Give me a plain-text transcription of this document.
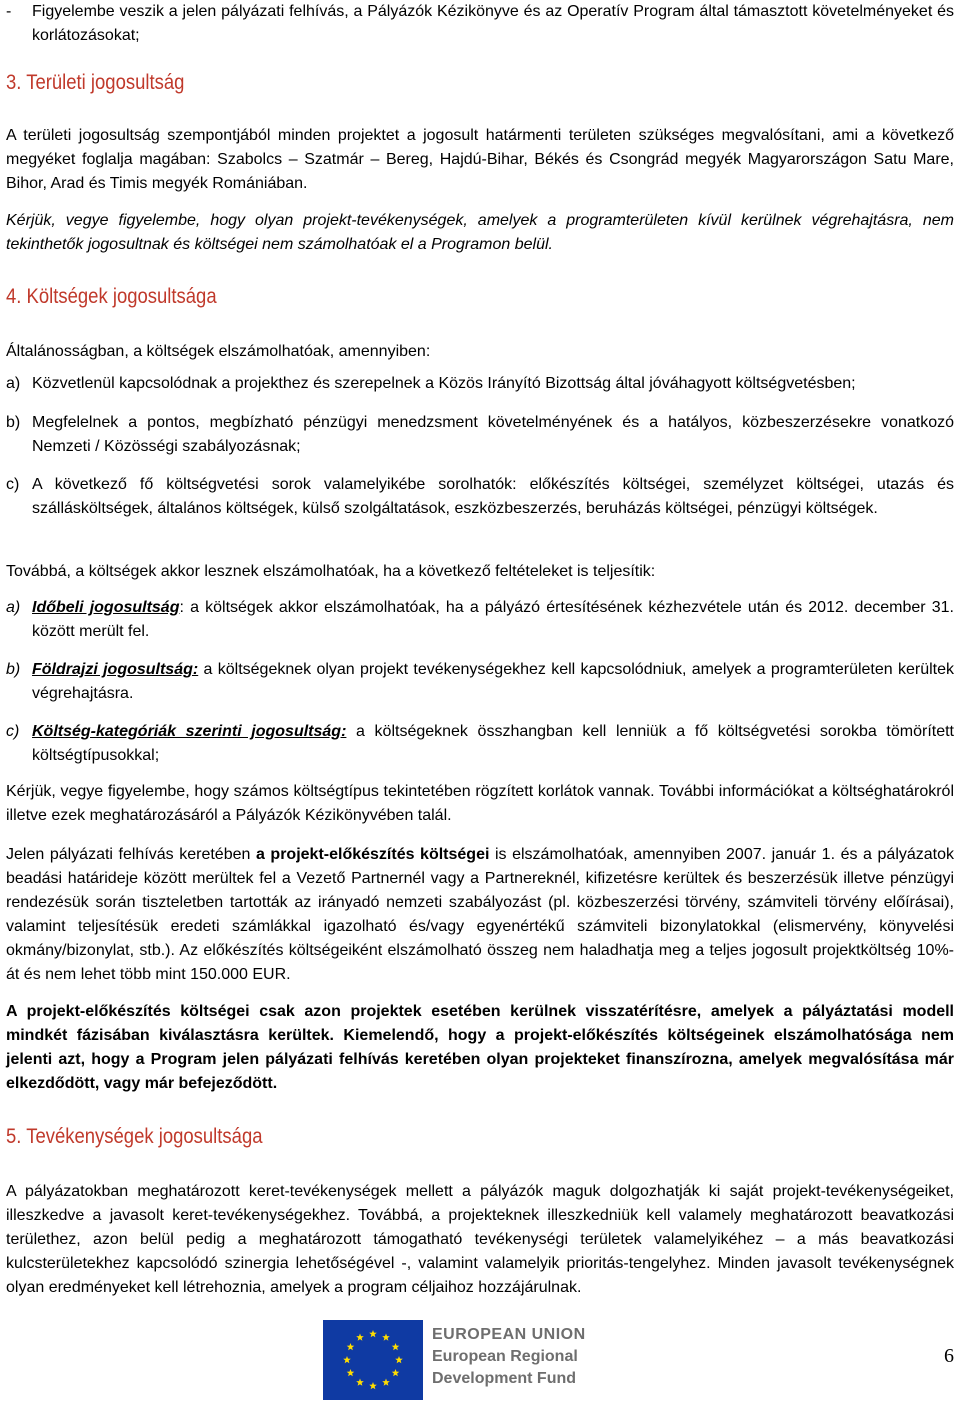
- Figyelembe veszik a jelen pályázati felhívás, a Pályázók Kézikönyve és az Operatív Program által támasztott követelményeket és korlátozásokat;
3. Területi jogosultság

A területi jogosultság szempontjából minden projektet a jogosult határmenti területen szükséges megvalósítani, ami a következő megyéket foglalja magában: Szabolcs – Szatmár – Bereg, Hajdú-Bihar, Békés és Csongrád megyék Magyarországon Satu Mare, Bihor, Arad és Timis megyék Romániában.

Kérjük, vegye figyelembe, hogy olyan projekt-tevékenységek, amelyek a programterületen kívül kerülnek végrehajtásra, nem tekinthetők jogosultnak és költségei nem számolhatóak el a Programon belül.

4. Költségek jogosultsága

Általánosságban, a költségek elszámolhatóak, amennyiben:

a) Közvetlenül kapcsolódnak a projekthez és szerepelnek a Közös Irányító Bizottság által jóváhagyott költségvetésben;
b) Megfelelnek a pontos, megbízható pénzügyi menedzsment követelményének és a hatályos, közbeszerzésekre vonatkozó Nemzeti / Közösségi szabályozásnak;
c) A következő fő költségvetési sorok valamelyikébe sorolhatók: előkészítés költségei, személyzet költségei, utazás és szállásköltségek, általános költségek, külső szolgáltatások, eszközbeszerzés, beruházás költségei, pénzügyi költségek.

Továbbá, a költségek akkor lesznek elszámolhatóak, ha a következő feltételeket is teljesítik:

a) Időbeli jogosultság: a költségek akkor elszámolhatóak, ha a pályázó értesítésének kézhezvétele után és 2012. december 31. között merült fel.
b) Földrajzi jogosultság: a költségeknek olyan projekt tevékenységekhez kell kapcsolódniuk, amelyek a programterületen kerültek végrehajtásra.
c) Költség-kategóriák szerinti jogosultság: a költségeknek összhangban kell lenniük a fő költségvetési sorokba tömörített költségtípusokkal;

Kérjük, vegye figyelembe, hogy számos költségtípus tekintetében rögzített korlátok vannak. További információkat a költséghatárokról illetve ezek meghatározásáról a Pályázók Kézikönyvében talál.

Jelen pályázati felhívás keretében a projekt-előkészítés költségei is elszámolhatóak, amennyiben 2007. január 1. és a pályázatok beadási határideje között merültek fel a Vezető Partnernél vagy a Partnereknél, kifizetésre kerültek és beszerzésük illetve pénzügyi rendezésük során tiszteletben tartották az irányadó nemzeti szabályozást (pl. közbeszerzési törvény, számviteli törvény előírásai), valamint teljesítésük eredeti számlákkal igazolható és/vagy egyenértékű számviteli bizonylatokkal (elismervény, könyvelési okmány/bizonylat, stb.). Az előkészítés költségeiként elszámolható összeg nem haladhatja meg a teljes jogosult projektköltség 10%-át és nem lehet több mint 150.000 EUR.

A projekt-előkészítés költségei csak azon projektek esetében kerülnek visszatérítésre, amelyek a pályáztatási modell mindkét fázisában kiválasztásra kerültek. Kiemelendő, hogy a projekt-előkészítés költségeinek elszámolhatósága nem jelenti azt, hogy a Program jelen pályázati felhívás keretében olyan projekteket finanszírozna, amelyek megvalósítása már elkezdődött, vagy már befejeződött.

5. Tevékenységek jogosultsága

A pályázatokban meghatározott keret-tevékenységek mellett a pályázók maguk dolgozhatják ki saját projekt-tevékenységeiket, illeszkedve a javasolt keret-tevékenységekhez. Továbbá, a projekteknek illeszkedniük kell valamely meghatározott beavatkozási területhez, azon belül pedig a meghatározott támogatható tevékenységi területek valamelyikéhez – a más beavatkozási kulcsterületekhez kapcsolódó szinergia lehetőségével -, valamint valamelyik prioritás-tengelyhez. Minden javasolt tevékenységnek olyan eredményeket kell létrehoznia, amelyek a program céljaihoz hozzájárulnak.

EUROPEAN UNION
European Regional
Development Fund
6
